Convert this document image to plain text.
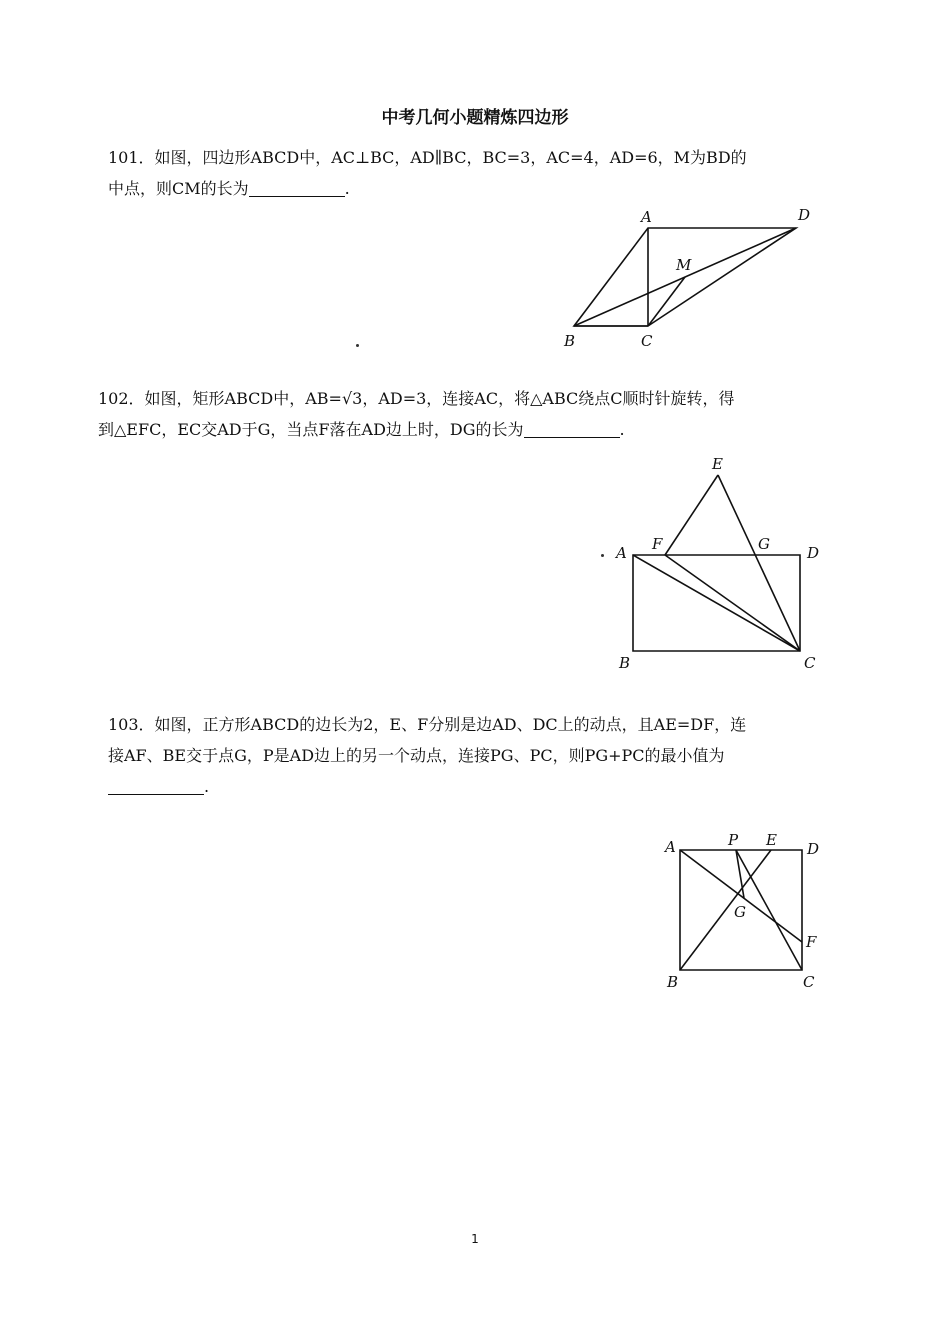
中考几何小题精炼四边形
101．如图，四边形ABCD中，AC⊥BC，AD∥BC，BC=3，AC=4，AD=6，M为BD的
中点，则CM的长为	.
A	D
M
B	C
102．如图，矩形ABCD中，AB=√3，AD=3，连接AC，将△ABC绕点C顺时针旋转，得
到△EFC，EC交AD于G，当点F落在AD边上时，DG的长为	.
E
A F	G D
B	C
103．如图，正方形ABCD的边长为2，E、F分别是边AD、DC上的动点，且AE=DF，连
接AF、BE交于点G，P是AD边上的另一个动点，连接PG、PC，则PG+PC的最小值为
.
A	P E D
G
F
B	C
1
